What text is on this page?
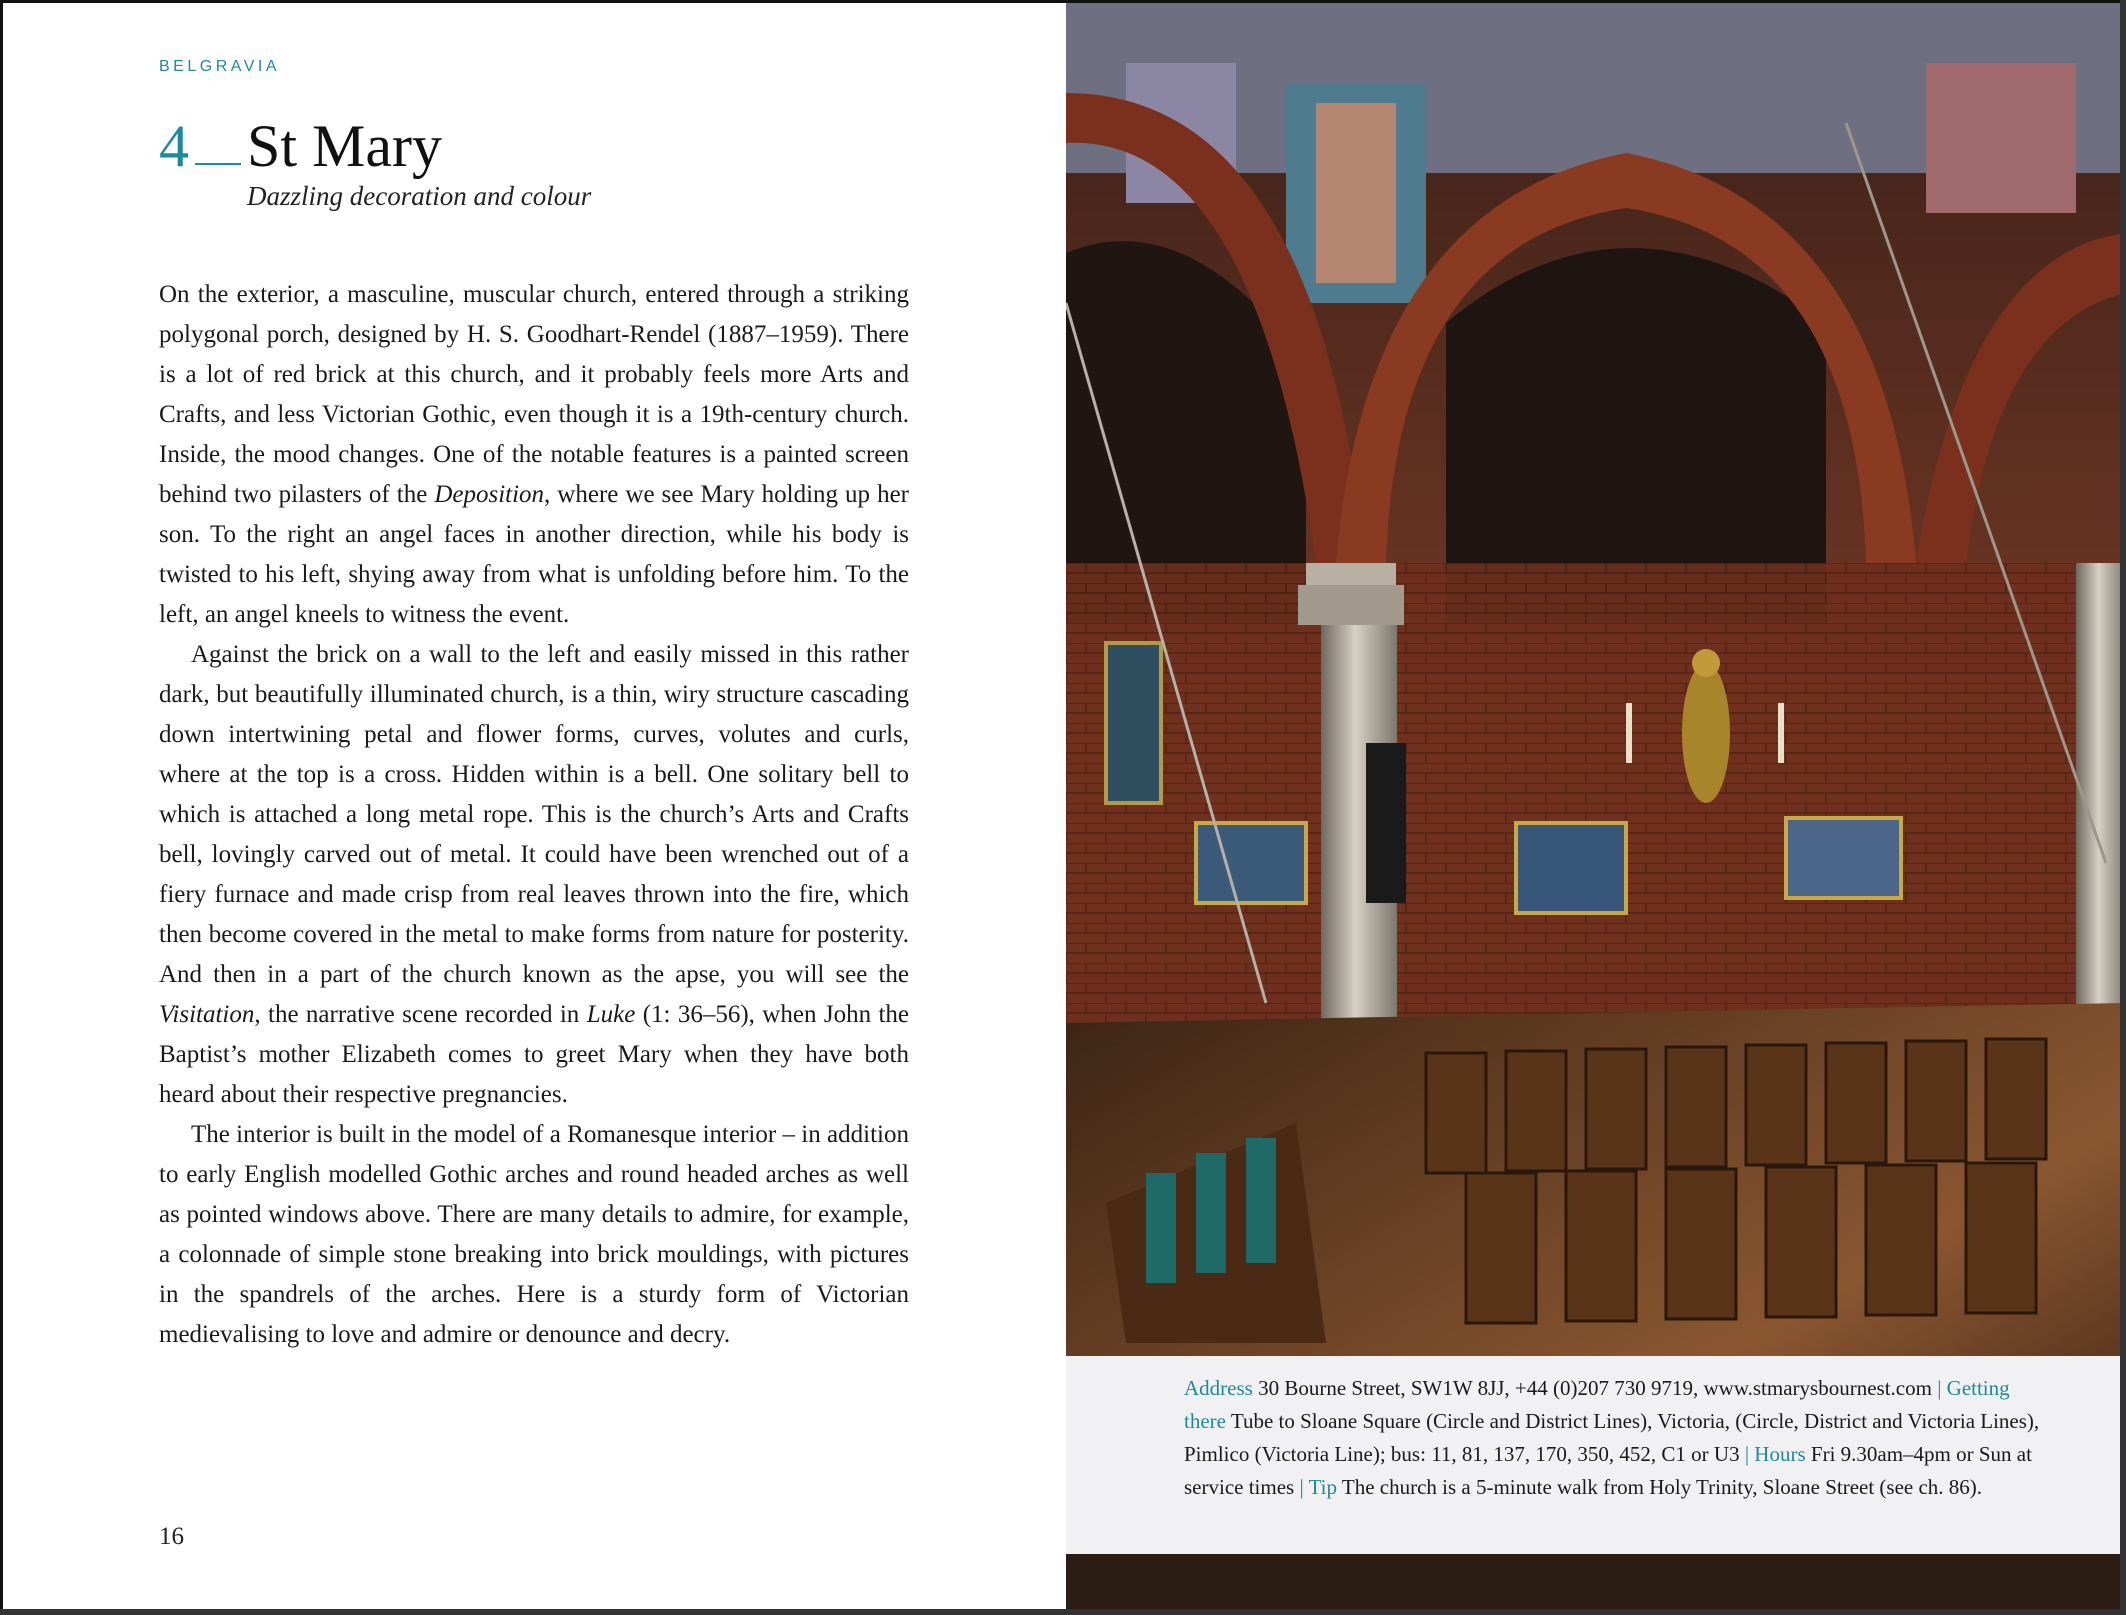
BELGRAVIA
4 St Mary
Dazzling decoration and colour

On the exterior, a masculine, muscular church, entered through a striking polygonal porch, designed by H. S. Goodhart-Rendel (1887–1959). There is a lot of red brick at this church, and it probably feels more Arts and Crafts, and less Victorian Gothic, even though it is a 19th-century church. Inside, the mood changes. One of the notable features is a painted screen behind two pilasters of the Deposition, where we see Mary holding up her son. To the right an angel faces in another direction, while his body is twisted to his left, shying away from what is unfolding before him. To the left, an angel kneels to witness the event.

Against the brick on a wall to the left and easily missed in this rather dark, but beautifully illuminated church, is a thin, wiry structure cascading down intertwining petal and flower forms, curves, volutes and curls, where at the top is a cross. Hidden within is a bell. One solitary bell to which is attached a long metal rope. This is the church’s Arts and Crafts bell, lovingly carved out of metal. It could have been wrenched out of a fiery furnace and made crisp from real leaves thrown into the fire, which then become covered in the metal to make forms from nature for posterity. And then in a part of the church known as the apse, you will see the Visitation, the narrative scene recorded in Luke (1: 36–56), when John the Baptist’s mother Elizabeth comes to greet Mary when they have both heard about their respective pregnancies.

The interior is built in the model of a Romanesque interior – in addition to early English modelled Gothic arches and round headed arches as well as pointed windows above. There are many details to admire, for example, a colonnade of simple stone breaking into brick mouldings, with pictures in the spandrels of the arches. Here is a sturdy form of Victorian medievalising to love and admire or denounce and decry.

16
Address 30 Bourne Street, SW1W 8JJ, +44 (0)207 730 9719, www.stmarysbournest.com | Getting there Tube to Sloane Square (Circle and District Lines), Victoria, (Circle, District and Victoria Lines), Pimlico (Victoria Line); bus: 11, 81, 137, 170, 350, 452, C1 or U3 | Hours Fri 9.30am–4pm or Sun at service times | Tip The church is a 5-minute walk from Holy Trinity, Sloane Street (see ch. 86).
